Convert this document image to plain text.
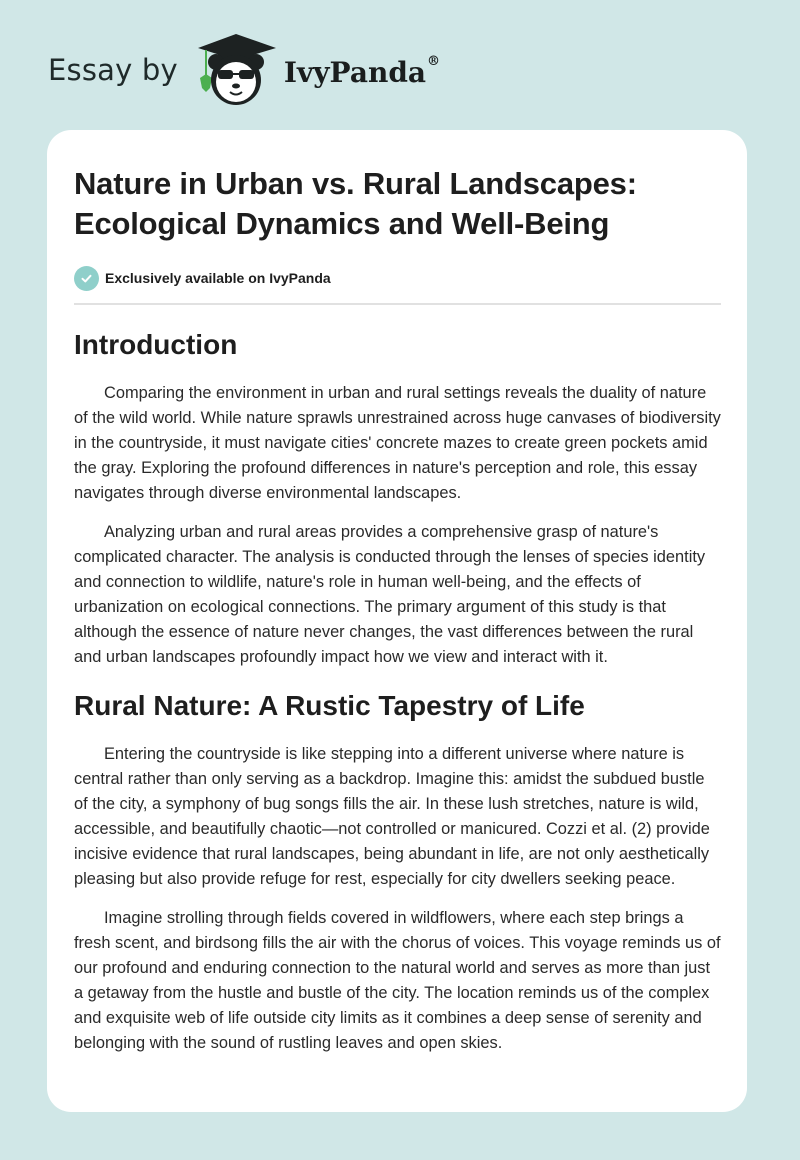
Essay by	IvyPanda®
Nature in Urban vs. Rural Landscapes: Ecological Dynamics and Well-Being
Exclusively available on IvyPanda
Introduction

Comparing the environment in urban and rural settings reveals the duality of nature of the wild world. While nature sprawls unrestrained across huge canvases of biodiversity in the countryside, it must navigate cities' concrete mazes to create green pockets amid the gray. Exploring the profound differences in nature's perception and role, this essay navigates through diverse environmental landscapes.

Analyzing urban and rural areas provides a comprehensive grasp of nature's complicated character. The analysis is conducted through the lenses of species identity and connection to wildlife, nature's role in human well-being, and the effects of urbanization on ecological connections. The primary argument of this study is that although the essence of nature never changes, the vast differences between the rural and urban landscapes profoundly impact how we view and interact with it.

Rural Nature: A Rustic Tapestry of Life

Entering the countryside is like stepping into a different universe where nature is central rather than only serving as a backdrop. Imagine this: amidst the subdued bustle of the city, a symphony of bug songs fills the air. In these lush stretches, nature is wild, accessible, and beautifully chaotic—not controlled or manicured. Cozzi et al. (2) provide incisive evidence that rural landscapes, being abundant in life, are not only aesthetically pleasing but also provide refuge for rest, especially for city dwellers seeking peace.

Imagine strolling through fields covered in wildflowers, where each step brings a fresh scent, and birdsong fills the air with the chorus of voices. This voyage reminds us of our profound and enduring connection to the natural world and serves as more than just a getaway from the hustle and bustle of the city. The location reminds us of the complex and exquisite web of life outside city limits as it combines a deep sense of serenity and belonging with the sound of rustling leaves and open skies.
